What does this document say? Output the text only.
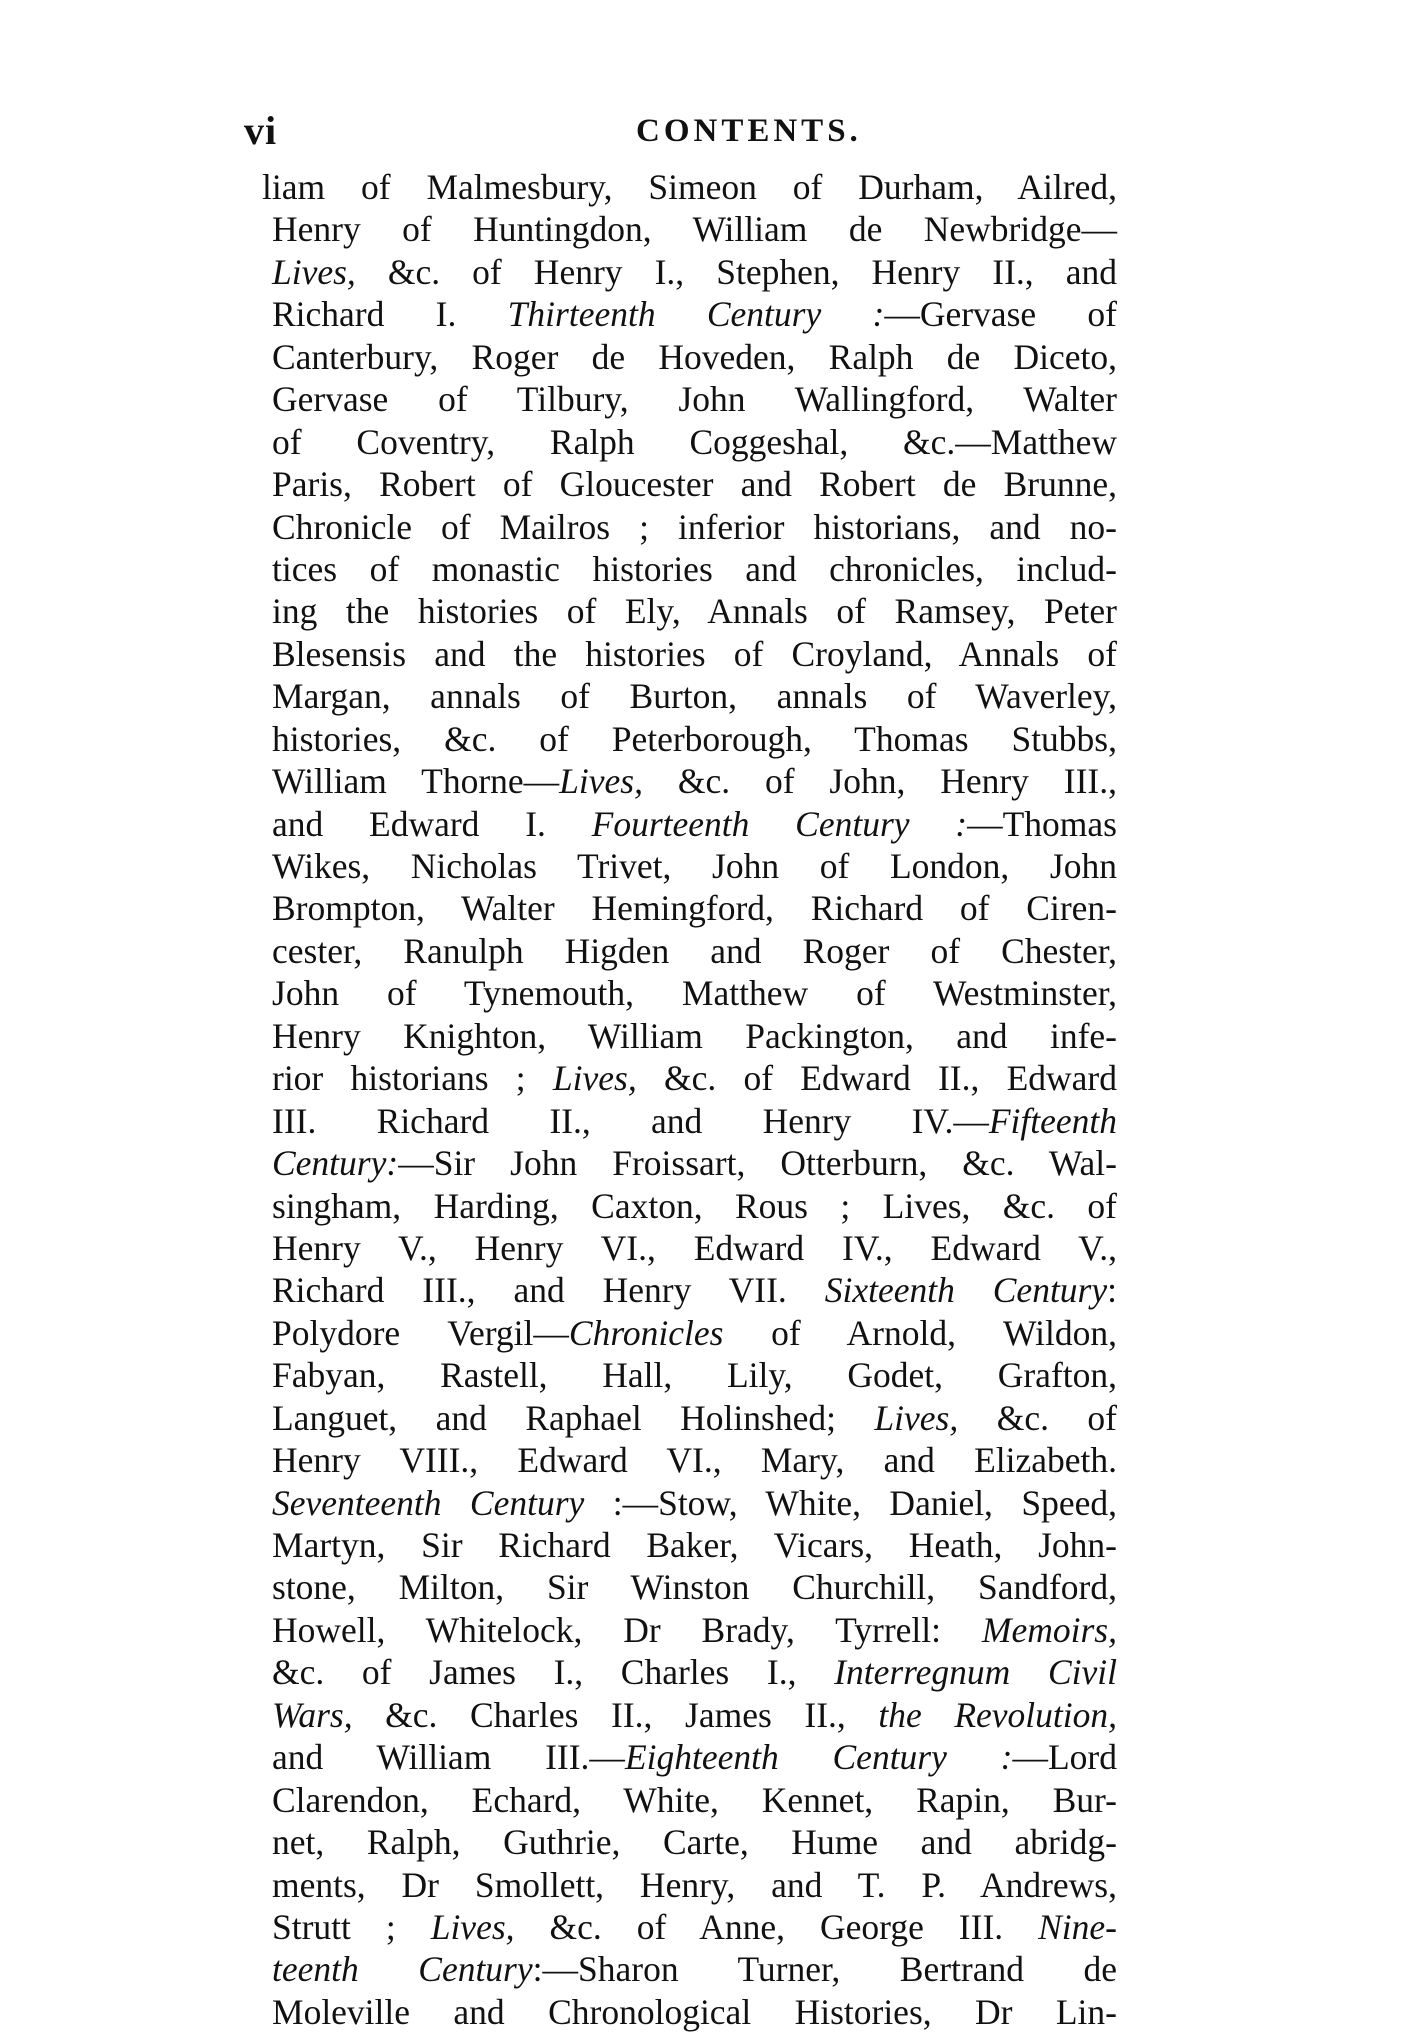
vi	CONTENTS.
liam of Malmesbury, Simeon of Durham, Ailred,
Henry of Huntingdon, William de Newbridge—
Lives, &c. of Henry I., Stephen, Henry II., and
Richard I. Thirteenth Century :—Gervase of
Canterbury, Roger de Hoveden, Ralph de Diceto,
Gervase of Tilbury, John Wallingford, Walter
of Coventry, Ralph Coggeshal, &c.—Matthew
Paris, Robert of Gloucester and Robert de Brunne,
Chronicle of Mailros ; inferior historians, and no-
tices of monastic histories and chronicles, includ-
ing the histories of Ely, Annals of Ramsey, Peter
Blesensis and the histories of Croyland, Annals of
Margan, annals of Burton, annals of Waverley,
histories, &c. of Peterborough, Thomas Stubbs,
William Thorne—Lives, &c. of John, Henry III.,
and Edward I. Fourteenth Century :—Thomas
Wikes, Nicholas Trivet, John of London, John
Brompton, Walter Hemingford, Richard of Ciren-
cester, Ranulph Higden and Roger of Chester,
John of Tynemouth, Matthew of Westminster,
Henry Knighton, William Packington, and infe-
rior historians ; Lives, &c. of Edward II., Edward
III. Richard II., and Henry IV.—Fifteenth
Century:—Sir John Froissart, Otterburn, &c. Wal-
singham, Harding, Caxton, Rous ; Lives, &c. of
Henry V., Henry VI., Edward IV., Edward V.,
Richard III., and Henry VII. Sixteenth Century:
Polydore Vergil—Chronicles of Arnold, Wildon,
Fabyan, Rastell, Hall, Lily, Godet, Grafton,
Languet, and Raphael Holinshed; Lives, &c. of
Henry VIII., Edward VI., Mary, and Elizabeth.
Seventeenth Century :—Stow, White, Daniel, Speed,
Martyn, Sir Richard Baker, Vicars, Heath, John-
stone, Milton, Sir Winston Churchill, Sandford,
Howell, Whitelock, Dr Brady, Tyrrell: Memoirs,
&c. of James I., Charles I., Interregnum Civil
Wars, &c. Charles II., James II., the Revolution,
and William III.—Eighteenth Century :—Lord
Clarendon, Echard, White, Kennet, Rapin, Bur-
net, Ralph, Guthrie, Carte, Hume and abridg-
ments, Dr Smollett, Henry, and T. P. Andrews,
Strutt ; Lives, &c. of Anne, George III. Nine-
teenth Century:—Sharon Turner, Bertrand de
Moleville and Chronological Histories, Dr Lin-
